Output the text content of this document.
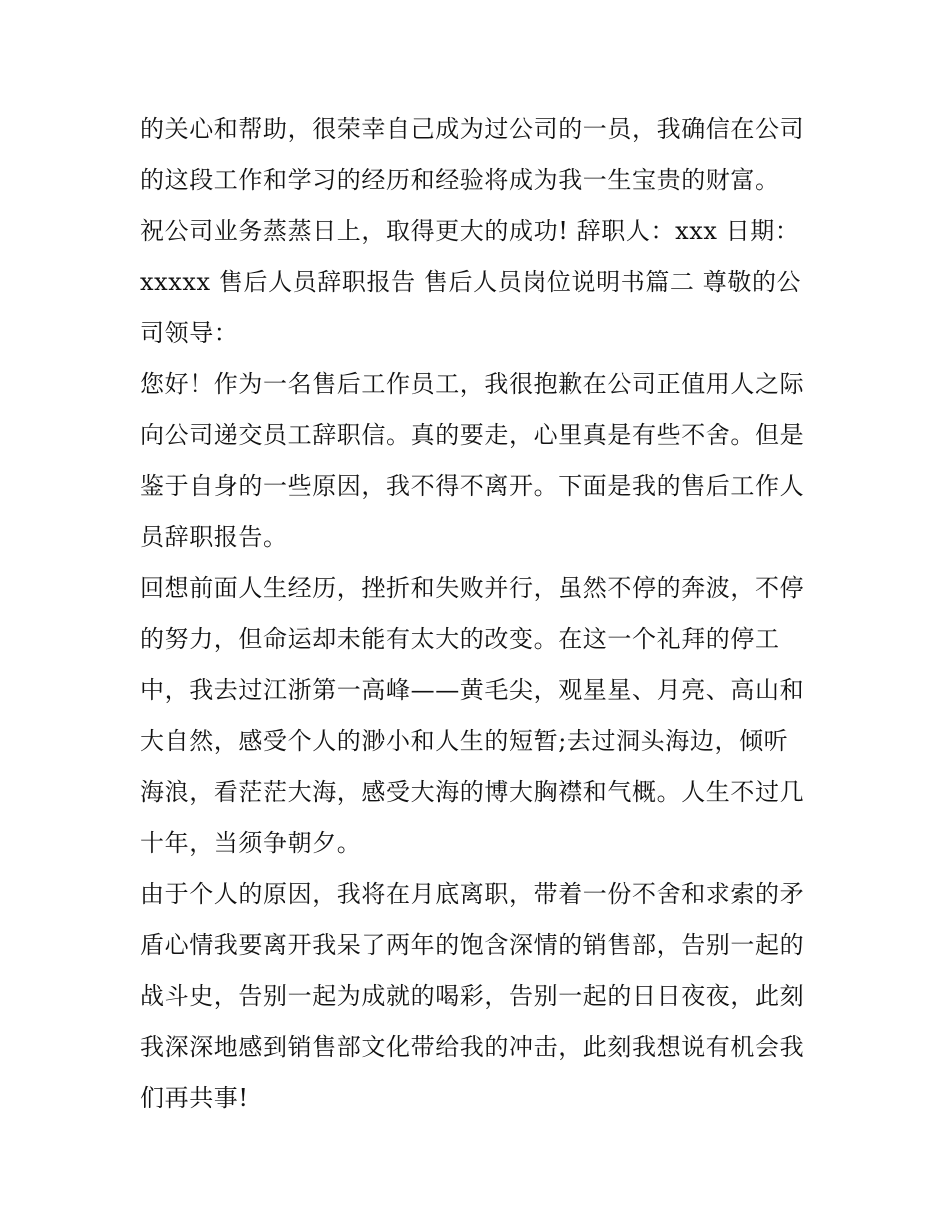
的关心和帮助，很荣幸自己成为过公司的一员，我确信在公司
的这段工作和学习的经历和经验将成为我一生宝贵的财富。
祝公司业务蒸蒸日上，取得更大的成功! 辞职人：xxx 日期：
xxxxx 售后人员辞职报告 售后人员岗位说明书篇二 尊敬的公
司领导：
您好！作为一名售后工作员工，我很抱歉在公司正值用人之际
向公司递交员工辞职信。真的要走，心里真是有些不舍。但是
鉴于自身的一些原因，我不得不离开。下面是我的售后工作人
员辞职报告。
回想前面人生经历，挫折和失败并行，虽然不停的奔波，不停
的努力，但命运却未能有太大的改变。在这一个礼拜的停工
中，我去过江浙第一高峰——黄毛尖，观星星、月亮、高山和
大自然，感受个人的渺小和人生的短暂;去过洞头海边，倾听
海浪，看茫茫大海，感受大海的博大胸襟和气概。人生不过几
十年，当须争朝夕。
由于个人的原因，我将在月底离职，带着一份不舍和求索的矛
盾心情我要离开我呆了两年的饱含深情的销售部，告别一起的
战斗史，告别一起为成就的喝彩，告别一起的日日夜夜，此刻
我深深地感到销售部文化带给我的冲击，此刻我想说有机会我
们再共事!
